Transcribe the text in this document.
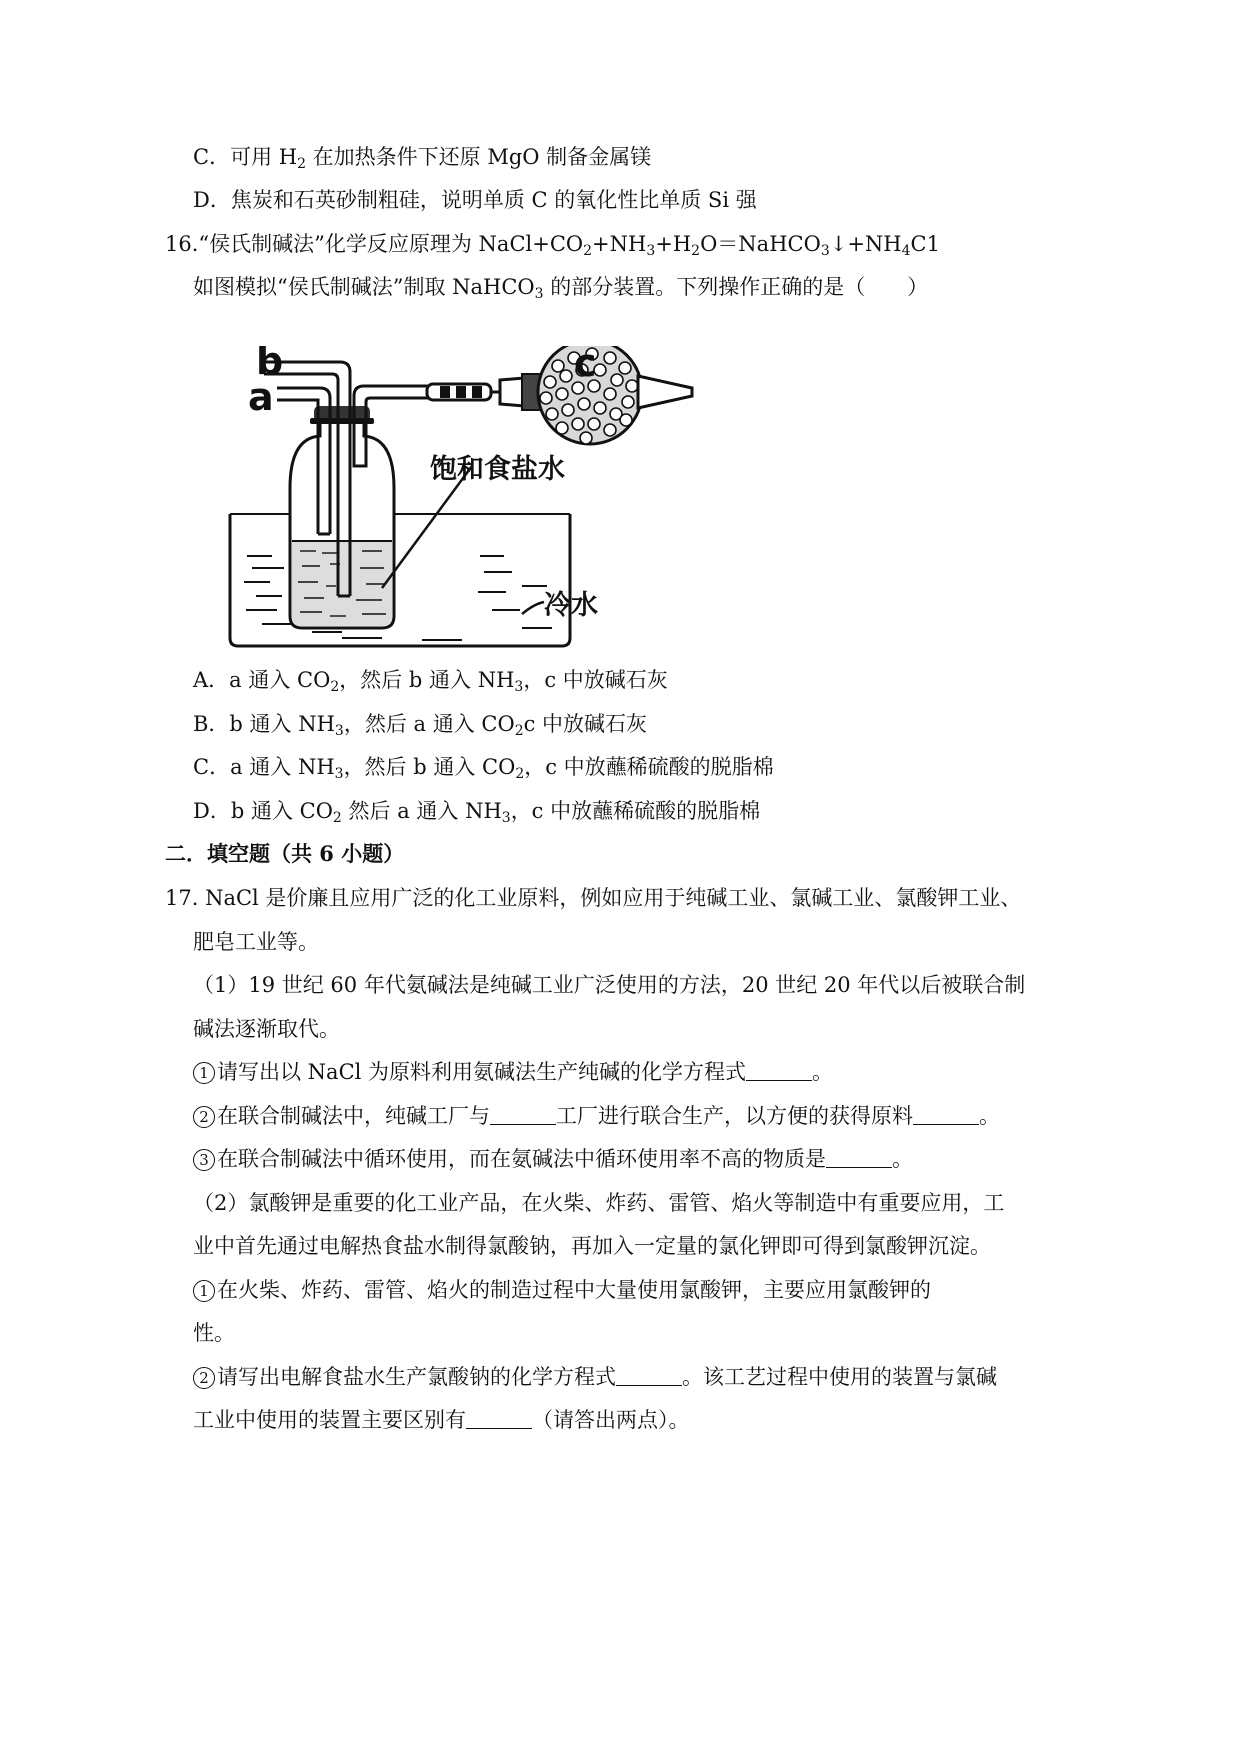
C．可用 $H_2$ 在加热条件下还原 MgO 制备金属镁
D．焦炭和石英砂制粗硅，说明单质 C 的氧化性比单质 Si 强
16.“侯氏制碱法”化学反应原理为 $NaCl+CO_2+NH_3+H_2O=NaHCO_3↓+NH_4C1$
如图模拟“侯氏制碱法”制取 NaHCO$_3$ 的部分装置。下列操作正确的是（　　）
b
a
c
饱和食盐水
冷水
A．a 通入 $CO_2$，然后 b 通入 $NH_3$，c 中放碱石灰
B．b 通入 $NH_3$，然后 a 通入 $CO_2c$ 中放碱石灰
C．a 通入 $NH_3$，然后 b 通入 $CO_2$，c 中放蘸稀硫酸的脱脂棉
D．b 通入 $CO_2$ 然后 a 通入 $NH_3$，c 中放蘸稀硫酸的脱脂棉
二．填空题（共 6 小题）
17. NaCl 是价廉且应用广泛的化工业原料，例如应用于纯碱工业、氯碱工业、氯酸钾工业、
肥皂工业等。
（1）19 世纪 60 年代氨碱法是纯碱工业广泛使用的方法，20 世纪 20 年代以后被联合制
碱法逐渐取代。
1 请写出以 NaCl 为原料利用氨碱法生产纯碱的化学方程式	。
2 在联合制碱法中，纯碱工厂与	工厂进行联合生产，以方便的获得原料	。
3 在联合制碱法中循环使用，而在氨碱法中循环使用率不高的物质是	。
（2）氯酸钾是重要的化工业产品，在火柴、炸药、雷管、焰火等制造中有重要应用，工
业中首先通过电解热食盐水制得氯酸钠，再加入一定量的氯化钾即可得到氯酸钾沉淀。
1 在火柴、炸药、雷管、焰火的制造过程中大量使用氯酸钾，主要应用氯酸钾的
性。
2 请写出电解食盐水生产氯酸钠的化学方程式	。该工艺过程中使用的装置与氯碱
工业中使用的装置主要区别有	（请答出两点）。
